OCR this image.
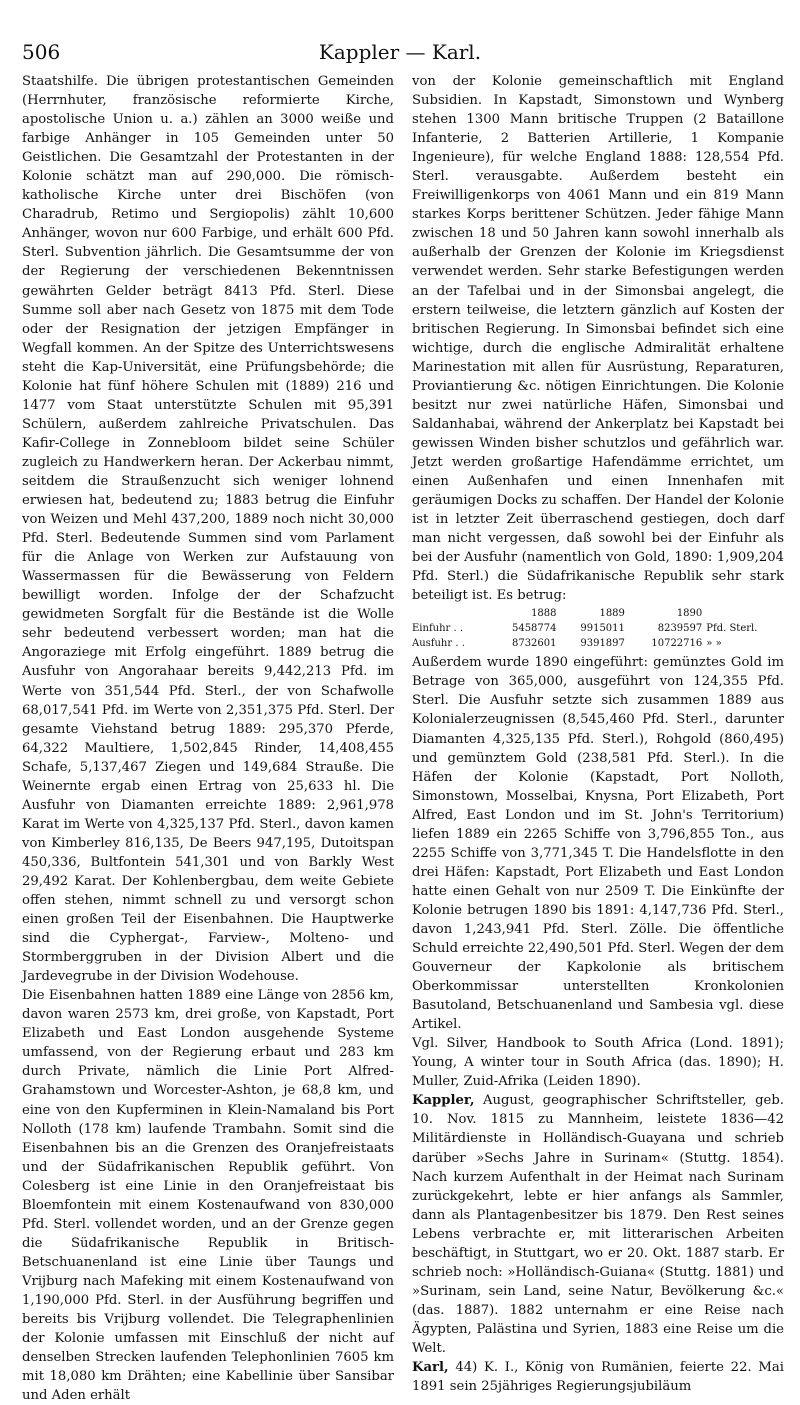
506	Kappler — Karl.

Staatshilfe. Die übrigen protestantischen Gemeinden (Herrnhuter, französische reformierte Kirche, apostolische Union u. a.) zählen an 3000 weiße und farbige Anhänger in 105 Gemeinden unter 50 Geistlichen. Die Gesamtzahl der Protestanten in der Kolonie schätzt man auf 290,000. Die römisch-katholische Kirche unter drei Bischöfen (von Charadrub, Retimo und Sergiopolis) zählt 10,600 Anhänger, wovon nur 600 Farbige, und erhält 600 Pfd. Sterl. Subvention jährlich. Die Gesamtsumme der von der Regierung der verschiedenen Bekenntnissen gewährten Gelder beträgt 8413 Pfd. Sterl. Diese Summe soll aber nach Gesetz von 1875 mit dem Tode oder der Resignation der jetzigen Empfänger in Wegfall kommen. An der Spitze des Unterrichtswesens steht die Kap-Universität, eine Prüfungsbehörde; die Kolonie hat fünf höhere Schulen mit (1889) 216 und 1477 vom Staat unterstützte Schulen mit 95,391 Schülern, außerdem zahlreiche Privatschulen. Das Kafir-College in Zonnebloom bildet seine Schüler zugleich zu Handwerkern heran. Der Ackerbau nimmt, seitdem die Straußenzucht sich weniger lohnend erwiesen hat, bedeutend zu; 1883 betrug die Einfuhr von Weizen und Mehl 437,200, 1889 noch nicht 30,000 Pfd. Sterl. Bedeutende Summen sind vom Parlament für die Anlage von Werken zur Aufstauung von Wassermassen für die Bewässerung von Feldern bewilligt worden. Infolge der der Schafzucht gewidmeten Sorgfalt für die Bestände ist die Wolle sehr bedeutend verbessert worden; man hat die Angoraziege mit Erfolg eingeführt. 1889 betrug die Ausfuhr von Angorahaar bereits 9,442,213 Pfd. im Werte von 351,544 Pfd. Sterl., der von Schafwolle 68,017,541 Pfd. im Werte von 2,351,375 Pfd. Sterl. Der gesamte Viehstand betrug 1889: 295,370 Pferde, 64,322 Maultiere, 1,502,845 Rinder, 14,408,455 Schafe, 5,137,467 Ziegen und 149,684 Strauße. Die Weinernte ergab einen Ertrag von 25,633 hl. Die Ausfuhr von Diamanten erreichte 1889: 2,961,978 Karat im Werte von 4,325,137 Pfd. Sterl., davon kamen von Kimberley 816,135, De Beers 947,195, Dutoitspan 450,336, Bultfontein 541,301 und von Barkly West 29,492 Karat. Der Kohlenbergbau, dem weite Gebiete offen stehen, nimmt schnell zu und versorgt schon einen großen Teil der Eisenbahnen. Die Hauptwerke sind die Cyphergat-, Farview-, Molteno- und Stormberggruben in der Division Albert und die Jardevegrube in der Division Wodehouse.

Die Eisenbahnen hatten 1889 eine Länge von 2856 km, davon waren 2573 km, drei große, von Kapstadt, Port Elizabeth und East London ausgehende Systeme umfassend, von der Regierung erbaut und 283 km durch Private, nämlich die Linie Port Alfred-Grahamstown und Worcester-Ashton, je 68,8 km, und eine von den Kupferminen in Klein-Namaland bis Port Nolloth (178 km) laufende Trambahn. Somit sind die Eisenbahnen bis an die Grenzen des Oranjefreistaats und der Südafrikanischen Republik geführt. Von Colesberg ist eine Linie in den Oranjefreistaat bis Bloemfontein mit einem Kostenaufwand von 830,000 Pfd. Sterl. vollendet worden, und an der Grenze gegen die Südafrikanische Republik in Britisch-Betschuanenland ist eine Linie über Taungs und Vrijburg nach Mafeking mit einem Kostenaufwand von 1,190,000 Pfd. Sterl. in der Ausführung begriffen und bereits bis Vrijburg vollendet. Die Telegraphenlinien der Kolonie umfassen mit Einschluß der nicht auf denselben Strecken laufenden Telephonlinien 7605 km mit 18,080 km Drähten; eine Kabellinie über Sansibar und Aden erhält

von der Kolonie gemeinschaftlich mit England Subsidien. In Kapstadt, Simonstown und Wynberg stehen 1300 Mann britische Truppen (2 Bataillone Infanterie, 2 Batterien Artillerie, 1 Kompanie Ingenieure), für welche England 1888: 128,554 Pfd. Sterl. verausgabte. Außerdem besteht ein Freiwilligenkorps von 4061 Mann und ein 819 Mann starkes Korps berittener Schützen. Jeder fähige Mann zwischen 18 und 50 Jahren kann sowohl innerhalb als außerhalb der Grenzen der Kolonie im Kriegsdienst verwendet werden. Sehr starke Befestigungen werden an der Tafelbai und in der Simonsbai angelegt, die erstern teilweise, die letztern gänzlich auf Kosten der britischen Regierung. In Simonsbai befindet sich eine wichtige, durch die englische Admiralität erhaltene Marinestation mit allen für Ausrüstung, Reparaturen, Proviantierung &c. nötigen Einrichtungen. Die Kolonie besitzt nur zwei natürliche Häfen, Simonsbai und Saldanhabai, während der Ankerplatz bei Kapstadt bei gewissen Winden bisher schutzlos und gefährlich war. Jetzt werden großartige Hafendämme errichtet, um einen Außenhafen und einen Innenhafen mit geräumigen Docks zu schaffen. Der Handel der Kolonie ist in letzter Zeit überraschend gestiegen, doch darf man nicht vergessen, daß sowohl bei der Einfuhr als bei der Ausfuhr (namentlich von Gold, 1890: 1,909,204 Pfd. Sterl.) die Südafrikanische Republik sehr stark beteiligt ist. Es betrug:

	1888	1889	1890	
Einfuhr . .	5458774	9915011	8239597	Pfd. Sterl.
Ausfuhr . .	8732601	9391897	10722716	» »

Außerdem wurde 1890 eingeführt: gemünztes Gold im Betrage von 365,000, ausgeführt von 124,355 Pfd. Sterl. Die Ausfuhr setzte sich zusammen 1889 aus Kolonialerzeugnissen (8,545,460 Pfd. Sterl., darunter Diamanten 4,325,135 Pfd. Sterl.), Rohgold (860,495) und gemünztem Gold (238,581 Pfd. Sterl.). In die Häfen der Kolonie (Kapstadt, Port Nolloth, Simonstown, Mosselbai, Knysna, Port Elizabeth, Port Alfred, East London und im St. John's Territorium) liefen 1889 ein 2265 Schiffe von 3,796,855 Ton., aus 2255 Schiffe von 3,771,345 T. Die Handelsflotte in den drei Häfen: Kapstadt, Port Elizabeth und East London hatte einen Gehalt von nur 2509 T. Die Einkünfte der Kolonie betrugen 1890 bis 1891: 4,147,736 Pfd. Sterl., davon 1,243,941 Pfd. Sterl. Zölle. Die öffentliche Schuld erreichte 22,490,501 Pfd. Sterl. Wegen der dem Gouverneur der Kapkolonie als britischem Oberkommissar unterstellten Kronkolonien Basutoland, Betschuanenland und Sambesia vgl. diese Artikel.

Vgl. Silver, Handbook to South Africa (Lond. 1891); Young, A winter tour in South Africa (das. 1890); H. Muller, Zuid-Afrika (Leiden 1890).

Kappler, August, geographischer Schriftsteller, geb. 10. Nov. 1815 zu Mannheim, leistete 1836—42 Militärdienste in Holländisch-Guayana und schrieb darüber »Sechs Jahre in Surinam« (Stuttg. 1854). Nach kurzem Aufenthalt in der Heimat nach Surinam zurückgekehrt, lebte er hier anfangs als Sammler, dann als Plantagenbesitzer bis 1879. Den Rest seines Lebens verbrachte er, mit litterarischen Arbeiten beschäftigt, in Stuttgart, wo er 20. Okt. 1887 starb. Er schrieb noch: »Holländisch-Guiana« (Stuttg. 1881) und »Surinam, sein Land, seine Natur, Bevölkerung &c.« (das. 1887). 1882 unternahm er eine Reise nach Ägypten, Palästina und Syrien, 1883 eine Reise um die Welt.

Karl, 44) K. I., König von Rumänien, feierte 22. Mai 1891 sein 25jähriges Regierungsjubiläum
